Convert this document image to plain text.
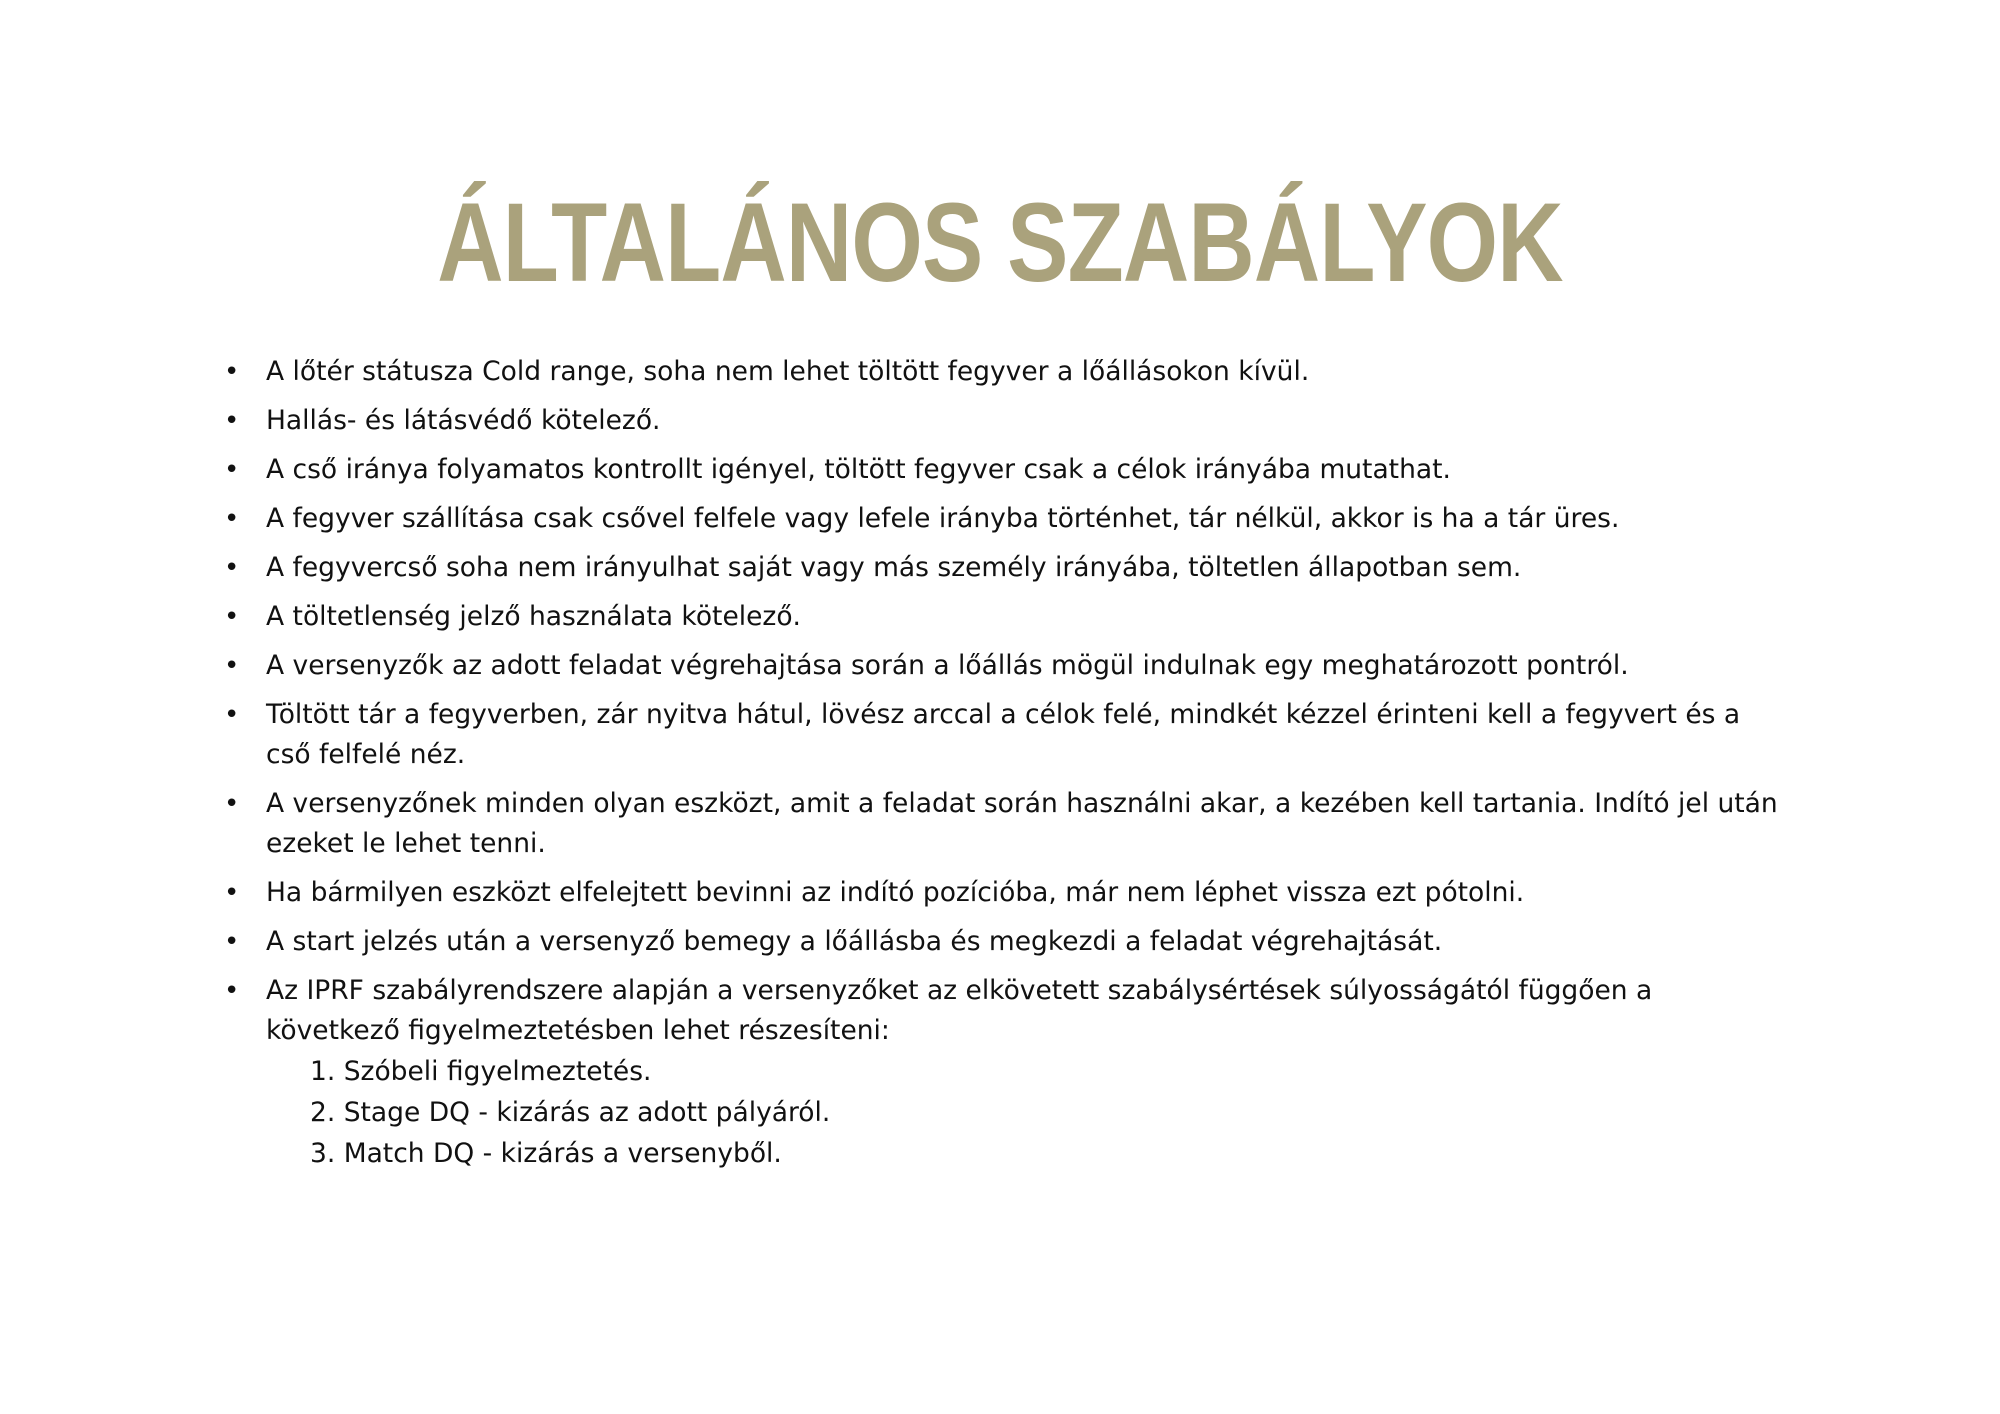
ÁLTALÁNOS SZABÁLYOK
• A lőtér státusza Cold range, soha nem lehet töltött fegyver a lőállásokon kívül.
• Hallás- és látásvédő kötelező.
• A cső iránya folyamatos kontrollt igényel, töltött fegyver csak a célok irányába mutathat.
• A fegyver szállítása csak csővel felfele vagy lefele irányba történhet, tár nélkül, akkor is ha a tár üres.
• A fegyvercső soha nem irányulhat saját vagy más személy irányába, töltetlen állapotban sem.
• A töltetlenség jelző használata kötelező.
• A versenyzők az adott feladat végrehajtása során a lőállás mögül indulnak egy meghatározott pontról.
• Töltött tár a fegyverben, zár nyitva hátul, lövész arccal a célok felé, mindkét kézzel érinteni kell a fegyvert és a cső felfelé néz.
• A versenyzőnek minden olyan eszközt, amit a feladat során használni akar, a kezében kell tartania. Indító jel után ezeket le lehet tenni.
• Ha bármilyen eszközt elfelejtett bevinni az indító pozícióba, már nem léphet vissza ezt pótolni.
• A start jelzés után a versenyző bemegy a lőállásba és megkezdi a feladat végrehajtását.
• Az IPRF szabályrendszere alapján a versenyzőket az elkövetett szabálysértések súlyosságától függően a következő figyelmeztetésben lehet részesíteni:
1. Szóbeli figyelmeztetés.
2. Stage DQ - kizárás az adott pályáról.
3. Match DQ - kizárás a versenyből.
